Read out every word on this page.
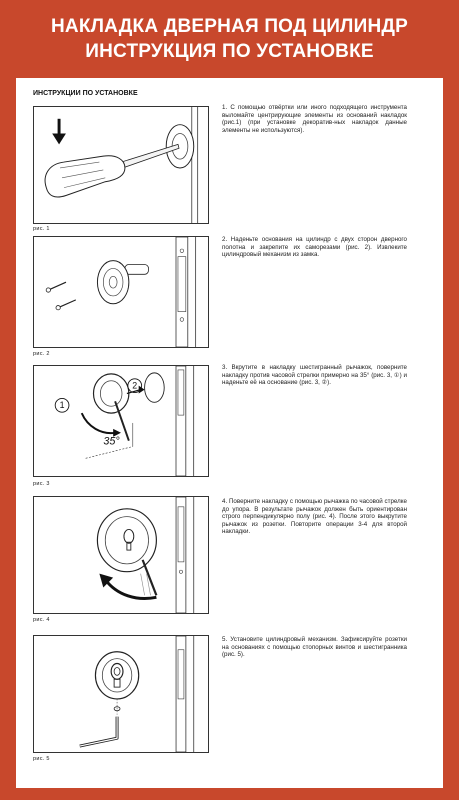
НАКЛАДКА ДВЕРНАЯ ПОД ЦИЛИНДР
ИНСТРУКЦИЯ ПО УСТАНОВКЕ
ИНСТРУКЦИИ ПО УСТАНОВКЕ
рис. 1
1. С помощью отвёртки или иного подходящего инструмента выломайте центрирующие элементы из оснований накладок (рис.1) (при установке декоратив-ных накладок данные элементы не используются).
рис. 2
2. Наденьте основания на цилиндр с двух сторон дверного полотна и закрепите их саморезами (рис. 2). Извлеките цилиндровый механизм из замка.
1
2
35°
рис. 3
3. Вкрутите в накладку шестигранный рычажок, поверните накладку против часовой стрелки примерно на 35° (рис. 3, ①) и наденьте её на основание (рис. 3, ②).
рис. 4
4. Поверните накладку с помощью рычажка по часовой стрелке до упора. В результате рычажок должен быть ориентирован строго перпендикулярно полу (рис. 4). После этого выкрутите рычажок из розетки. Повторите операции 3-4 для второй накладки.
рис. 5
5. Установите цилиндровый механизм. Зафиксируйте розетки на основаниях с помощью стопорных винтов и шестигранника (рис. 5).
